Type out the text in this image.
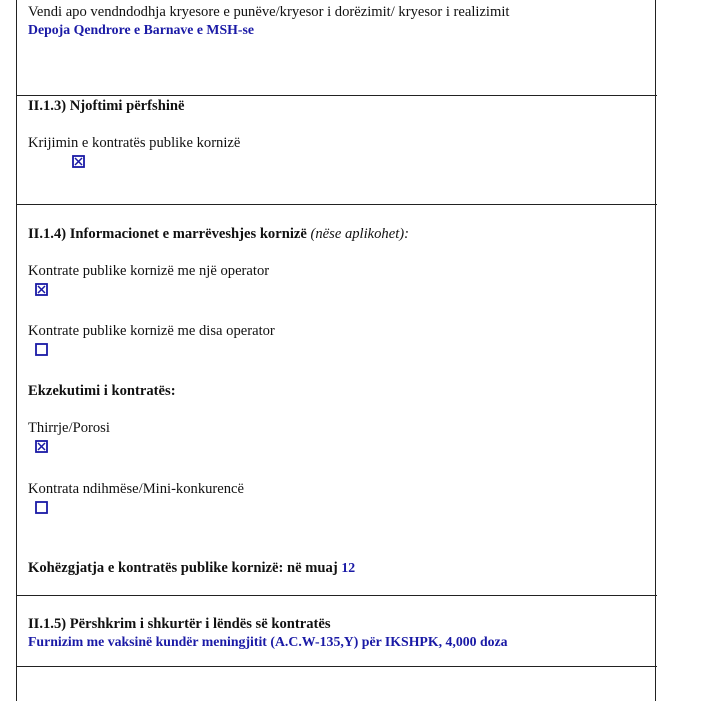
Vendi apo vendndodhja kryesore e punëve/kryesor i dorëzimit/ kryesor i realizimit
Depoja Qendrore e Barnave e MSH-se
II.1.3) Njoftimi përfshinë
Krijimin e kontratës publike kornizë
II.1.4) Informacionet e marrëveshjes kornizë (nëse aplikohet):
Kontrate publike kornizë me një operator
Kontrate publike kornizë me disa operator
Ekzekutimi i kontratës:
Thirrje/Porosi
Kontrata ndihmëse/Mini-konkurencë
Kohëzgjatja e kontratës publike kornizë: në muaj 12
II.1.5) Përshkrim i shkurtër i lëndës së kontratës
Furnizim me vaksinë kundër meningjitit (A.C.W-135,Y) për IKSHPK, 4,000 doza
